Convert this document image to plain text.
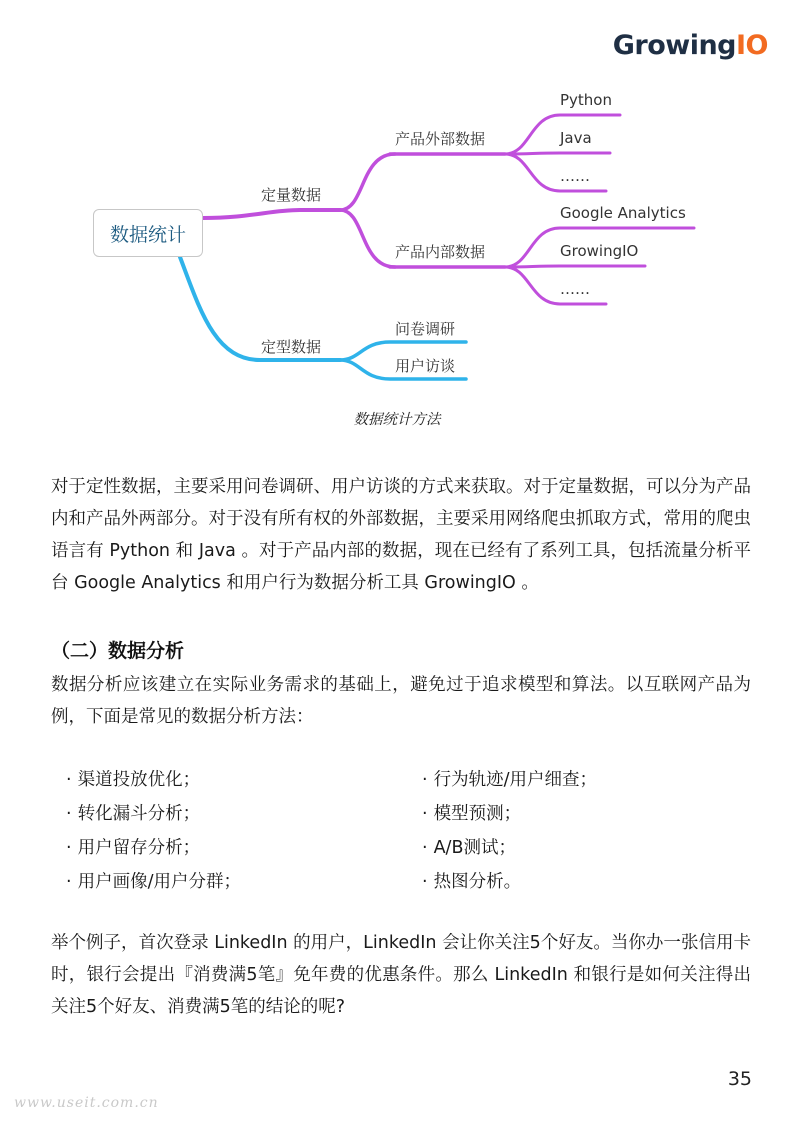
GrowingIO
数据统计
定量数据
产品外部数据
产品内部数据
Python
Java
……
Google Analytics
GrowingIO
……
定型数据
问卷调研
用户访谈
数据统计方法
对于定性数据，主要采用问卷调研、用户访谈的方式来获取。对于定量数据，可以分为产品内和产品外两部分。对于没有所有权的外部数据，主要采用网络爬虫抓取方式，常用的爬虫语言有 Python 和 Java 。对于产品内部的数据，现在已经有了系列工具，包括流量分析平台 Google Analytics 和用户行为数据分析工具 GrowingIO 。
（二）数据分析
数据分析应该建立在实际业务需求的基础上，避免过于追求模型和算法。以互联网产品为例，下面是常见的数据分析方法：
· 渠道投放优化；
· 转化漏斗分析；
· 用户留存分析；
· 用户画像/用户分群；
· 行为轨迹/用户细查；
· 模型预测；
· A/B测试；
· 热图分析。
举个例子，首次登录 LinkedIn 的用户，LinkedIn 会让你关注5个好友。当你办一张信用卡时，银行会提出『消费满5笔』免年费的优惠条件。那么 LinkedIn 和银行是如何关注得出关注5个好友、消费满5笔的结论的呢?
35
www.useit.com.cn
